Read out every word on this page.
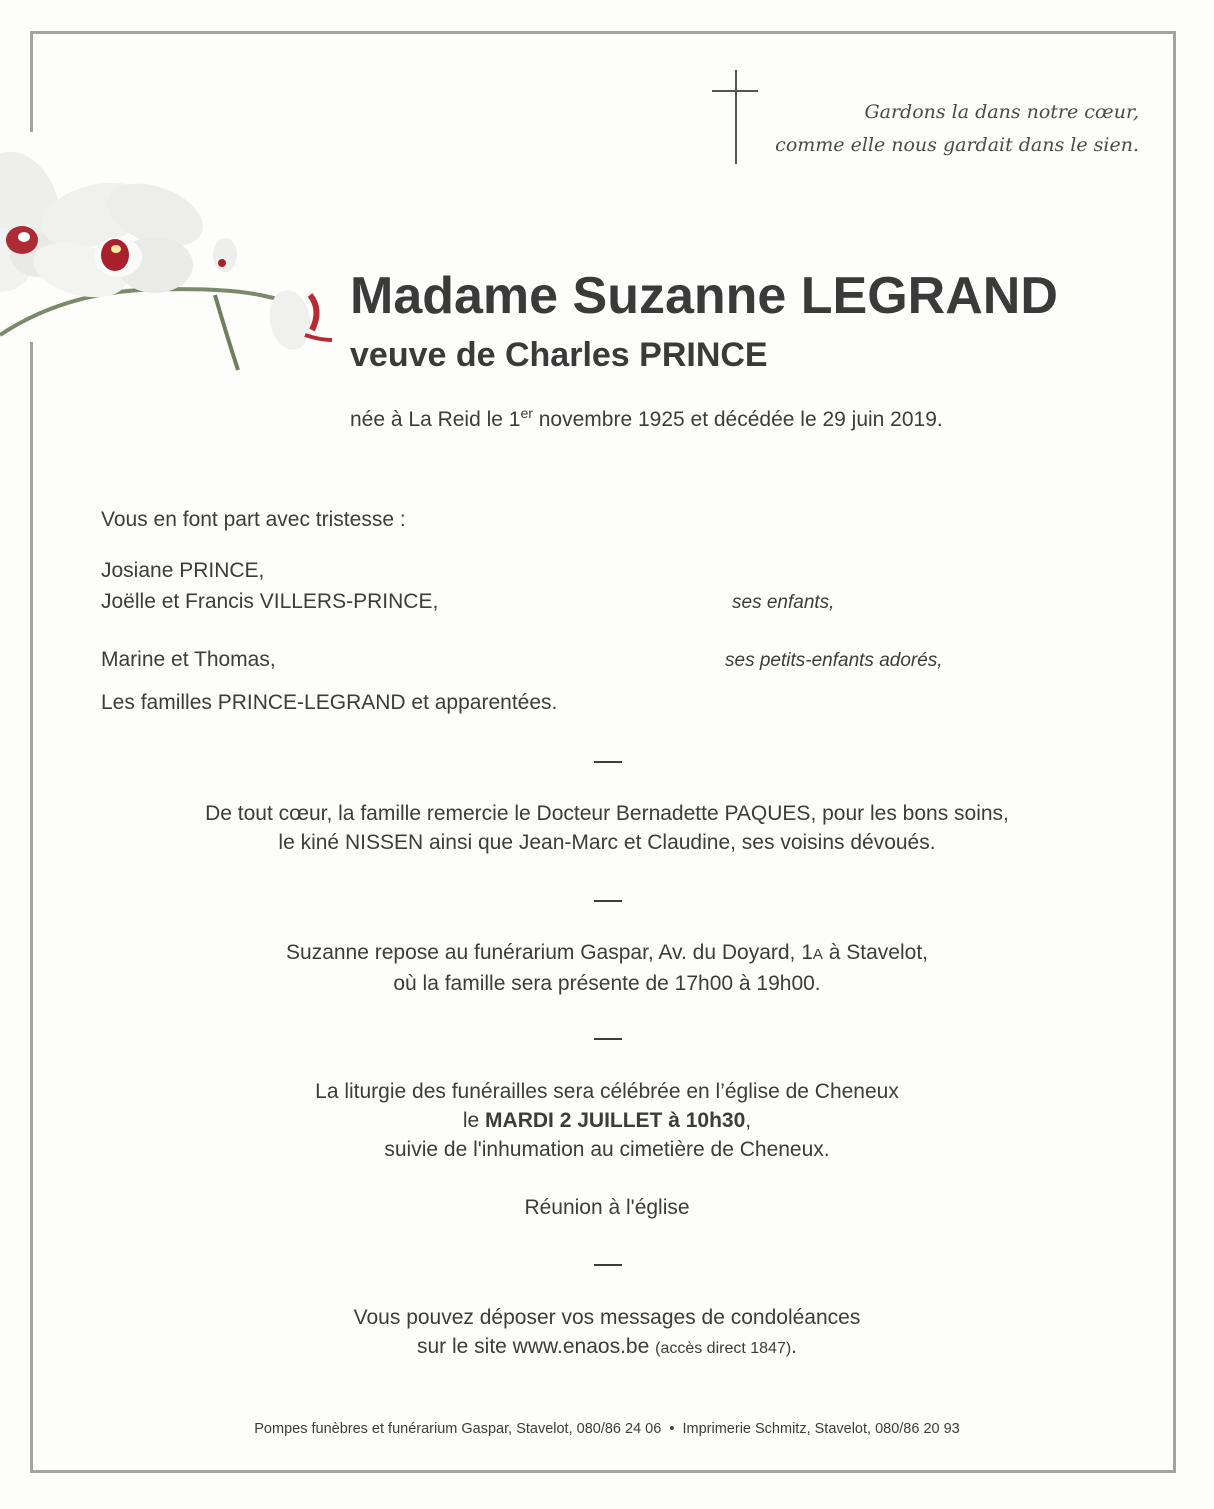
Gardons la dans notre cœur,
comme elle nous gardait dans le sien.
Madame Suzanne LEGRAND
veuve de Charles PRINCE
née à La Reid le 1er novembre 1925 et décédée le 29 juin 2019.
Vous en font part avec tristesse :
Josiane PRINCE,
Joëlle et Francis VILLERS-PRINCE,	ses enfants,
Marine et Thomas,	ses petits-enfants adorés,
Les familles PRINCE-LEGRAND et apparentées.
De tout cœur, la famille remercie le Docteur Bernadette PAQUES, pour les bons soins,
le kiné NISSEN ainsi que Jean-Marc et Claudine, ses voisins dévoués.
Suzanne repose au funérarium Gaspar, Av. du Doyard, 1A à Stavelot,
où la famille sera présente de 17h00 à 19h00.
La liturgie des funérailles sera célébrée en l’église de Cheneux
le MARDI 2 JUILLET à 10h30,
suivie de l'inhumation au cimetière de Cheneux.
Réunion à l'église
Vous pouvez déposer vos messages de condoléances
sur le site www.enaos.be (accès direct 1847).
Pompes funèbres et funérarium Gaspar, Stavelot, 080/86 24 06  •  Imprimerie Schmitz, Stavelot, 080/86 20 93
